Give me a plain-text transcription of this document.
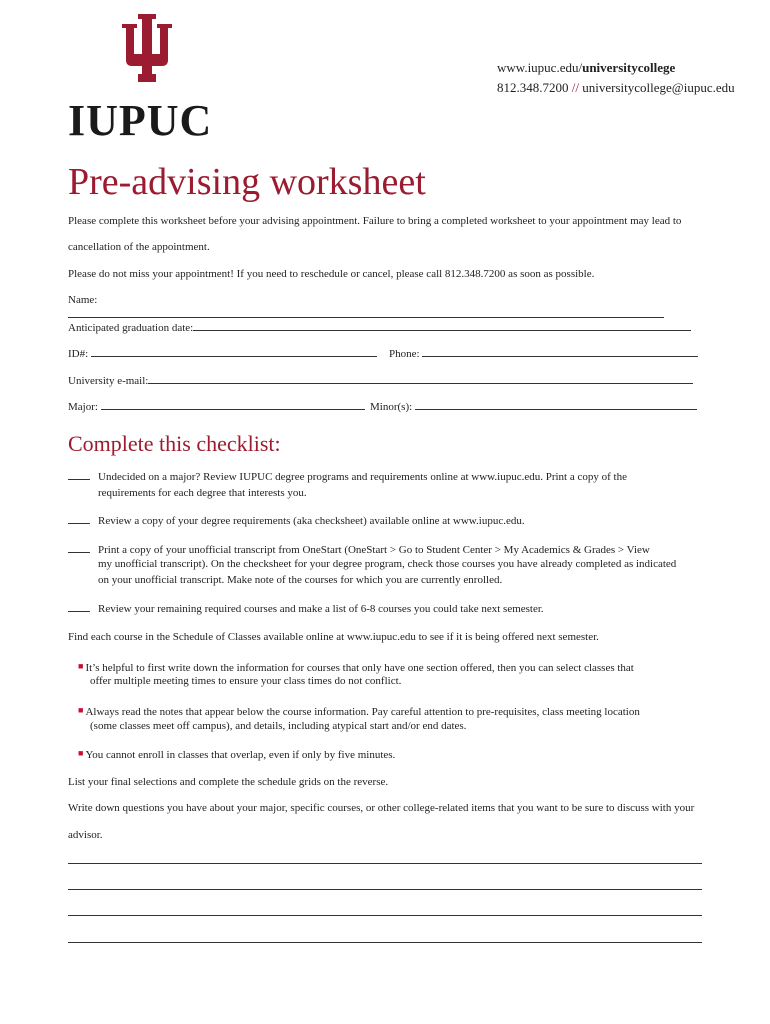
IUPUC
www.iupuc.edu/universitycollege
812.348.7200 // universitycollege@iupuc.edu
Pre-advising worksheet
Please complete this worksheet before your advising appointment. Failure to bring a completed worksheet to your appointment may lead to
cancellation of the appointment.
Please do not miss your appointment! If you need to reschedule or cancel, please call 812.348.7200 as soon as possible.
Name:
Anticipated graduation date:
ID#:	Phone:
University e-mail:
Major:	Minor(s):
Complete this checklist:
Undecided on a major? Review IUPUC degree programs and requirements online at www.iupuc.edu. Print a copy of the
requirements for each degree that interests you.
Review a copy of your degree requirements (aka checksheet) available online at www.iupuc.edu.
Print a copy of your unofficial transcript from OneStart (OneStart > Go to Student Center > My Academics & Grades > View
my unofficial transcript). On the checksheet for your degree program, check those courses you have already completed as indicated
on your unofficial transcript. Make note of the courses for which you are currently enrolled.
Review your remaining required courses and make a list of 6-8 courses you could take next semester.
Find each course in the Schedule of Classes available online at www.iupuc.edu to see if it is being offered next semester.
■ It’s helpful to first write down the information for courses that only have one section offered, then you can select classes that
offer multiple meeting times to ensure your class times do not conflict.
■ Always read the notes that appear below the course information. Pay careful attention to pre-requisites, class meeting location
(some classes meet off campus), and details, including atypical start and/or end dates.
■ You cannot enroll in classes that overlap, even if only by five minutes.
List your final selections and complete the schedule grids on the reverse.
Write down questions you have about your major, specific courses, or other college-related items that you want to be sure to discuss with your
advisor.
